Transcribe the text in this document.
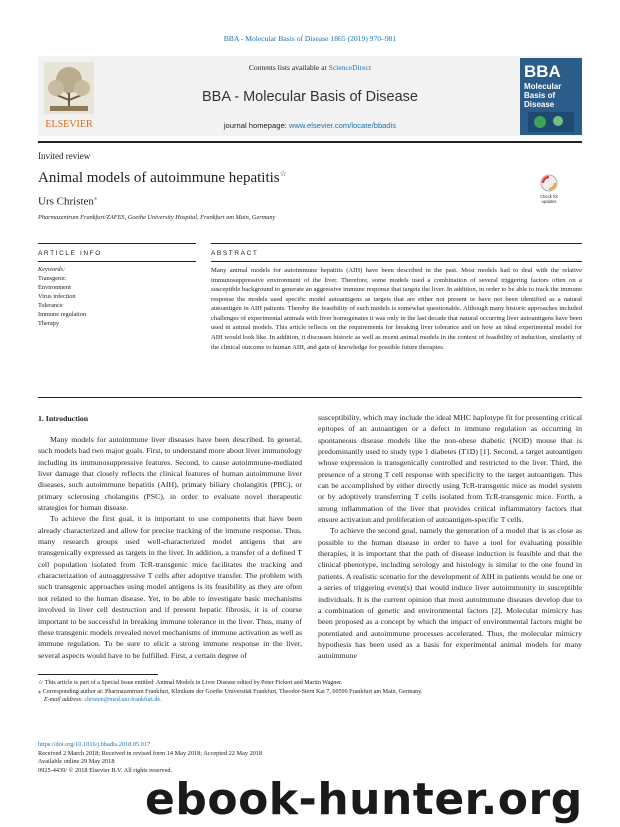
BBA - Molecular Basis of Disease 1865 (2019) 970–981
ELSEVIER
Contents lists available at ScienceDirect
BBA - Molecular Basis of Disease
journal homepage: www.elsevier.com/locate/bbadis
BBA
Molecular
Basis of
Disease
Invited review
Animal models of autoimmune hepatitis☆
Check for
updates
Urs Christen⁎
Pharmazentrum Frankfurt/ZAFES, Goethe University Hospital, Frankfurt am Main, Germany
ARTICLE INFO	ABSTRACT
Keywords:
Transgenic
Environment
Virus infection
Tolerance
Immune regulation
Therapy
Many animal models for autoimmune hepatitis (AIH) have been described in the past. Most models had to deal with the relative immunosuppressive environment of the liver. Therefore, some models used a combination of several triggering factors often on a susceptible background to generate an aggressive immune response that targets the liver. In addition, in order to be able to track the immune response the models used specific model autoantigens as targets that are either not present or have not been identified as a natural autoantigen in AIH patients. Thereby the feasibility of such models is somewhat questionable. Although many historic approaches included challenges of experimental animals with liver homogenates it was only in the last decade that natural occurring liver autoantigens have been used in animal models. This article reflects on the requirements for breaking liver tolerance and on how an ideal experimental model for AIH would look like. In addition, it discusses historic as well as recent animal models in the context of feasibility of induction, similarity of the clinical outcome to human AIH, and gain of knowledge for possible future therapies.
1. Introduction

Many models for autoimmune liver diseases have been described. In general, such models had two major goals. First, to understand more about liver immunology including its immunosuppressive features. Second, to cause autoimmune-mediated liver damage that closely reflects the clinical features of human autoimmune liver diseases, such autoimmune hepatitis (AIH), primary biliary cholangitis (PBC), or primary sclerosing cholangitis (PSC), in order to evaluate novel therapeutic strategies for human disease.

To achieve the first goal, it is important to use components that have been already characterized and allow for precise tracking of the immune response. Thus, many research groups used well-characterized model antigens that are transgenically expressed as targets in the liver. In addition, a transfer of a defined T cell population isolated from TcR-transgenic mice facilitates the tracking and characterization of autoaggressive T cells after adoptive transfer. The problem with such transgenic approaches using model antigens is its feasibility as they are often not related to the human disease. Yet, to be able to investigate basic mechanisms involved in liver cell destruction and if present hepatic fibrosis, it is of course important to be successful in breaking immune tolerance in the liver. Thus, many of these transgenic models revealed novel mechanisms of immune activation as well as immune regulation. To be sure to elicit a strong immune response in the liver, several aspects would have to be fulfilled. First, a certain degree of

susceptibility, which may include the ideal MHC haplotype fit for presenting critical epitopes of an autoantigen or a defect in immune regulation as occurring in spontaneous disease models like the non-obese diabetic (NOD) mouse that is predominantly used to study type 1 diabetes (T1D) [1]. Second, a target autoantigen whose expression is transgenically controlled and restricted to the liver. Third, the presence of a strong T cell response with specificity to the target autoantigen. This can be accomplished by either directly using TcR-transgenic mice as model system or by adoptively transferring T cells isolated from TcR-transgenic mice. Forth, a strong inflammation of the liver that provides critical inflammatory factors that ensure activation and proliferation of autoantigen-specific T cells.

To achieve the second goal, namely the generation of a model that is as close as possible to the human disease in order to have a tool for evaluating possible therapies, it is important that the path of disease induction is feasible and that the clinical phenotype, including serology and histology is similar to the one found in patients. A realistic scenario for the development of AIH in patients would be one or a series of triggering event(s) that would induce liver autoimmunity in susceptible individuals. It is the current opinion that most autoimmune diseases develop due to a combination of genetic and environmental factors [2]. Molecular mimicry has been proposed as a concept by which the impact of environmental factors might be potentiated and autoimmune processes accelerated. Thus, the molecular mimicry hypothesis has been used as a basis for experimental animal models for many autoimmune

☆ This article is part of a Special Issue entitled: Animal Models in Liver Disease edited by Peter Fickert and Martin Wagner.
⁎ Corresponding author at: Pharmazentrum Frankfurt, Klinikum der Goethe Universität Frankfurt, Theodor-Stern Kai 7, 60590 Frankfurt am Main, Germany.
E-mail address: christen@med.uni-frankfurt.de.
https://doi.org/10.1016/j.bbadis.2018.05.017
Received 2 March 2018; Received in revised form 14 May 2018; Accepted 22 May 2018
Available online 29 May 2018
0925-4439/ © 2018 Elsevier B.V. All rights reserved.
ebook-hunter.org
